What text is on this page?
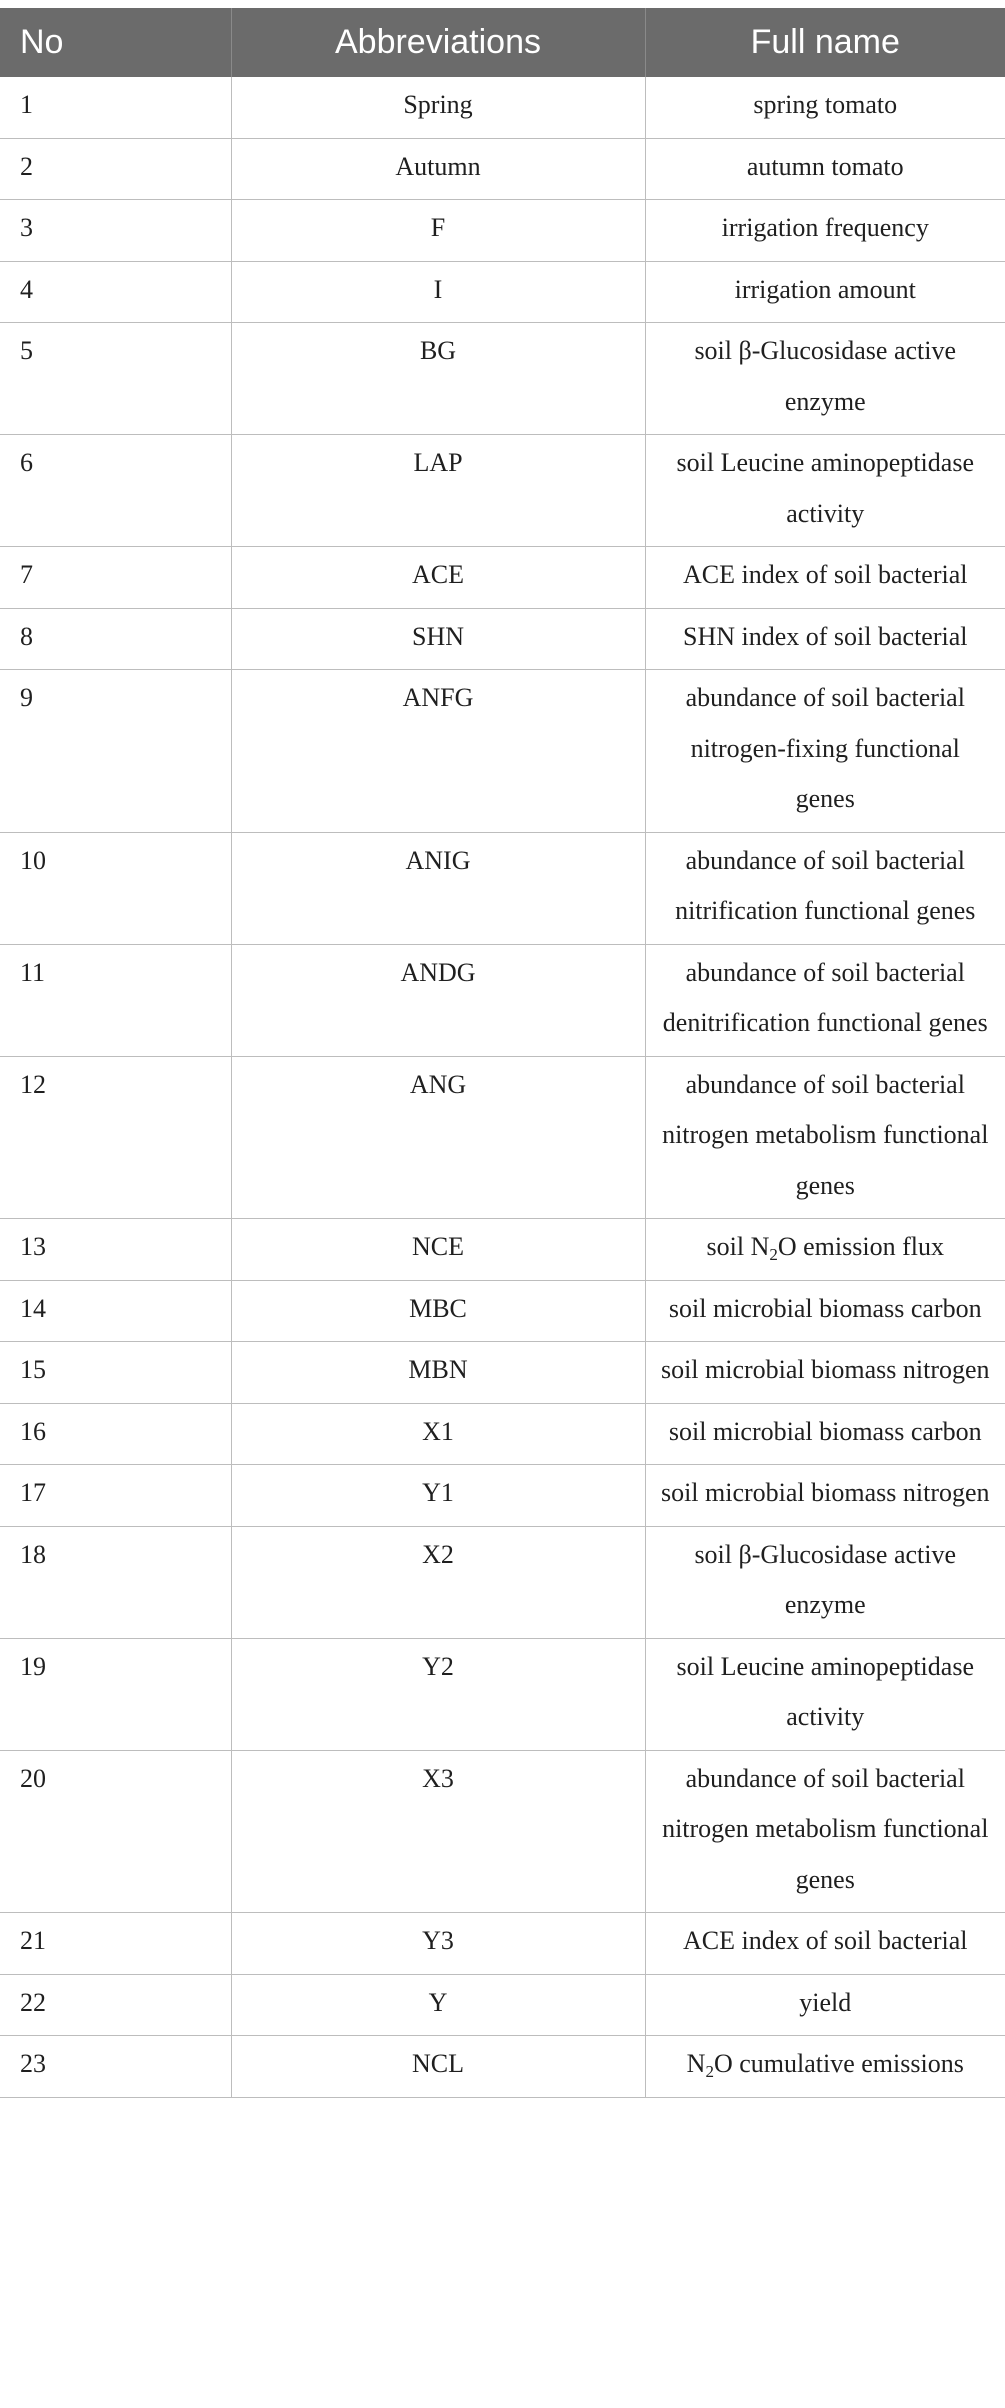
No	Abbreviations	Full name
1	Spring	spring tomato
2	Autumn	autumn tomato
3	F	irrigation frequency
4	I	irrigation amount
5	BG	soil β-Glucosidase active enzyme
6	LAP	soil Leucine aminopeptidase activity
7	ACE	ACE index of soil bacterial
8	SHN	SHN index of soil bacterial
9	ANFG	abundance of soil bacterial nitrogen-fixing functional genes
10	ANIG	abundance of soil bacterial nitrification functional genes
11	ANDG	abundance of soil bacterial denitrification functional genes
12	ANG	abundance of soil bacterial nitrogen metabolism functional genes
13	NCE	soil $N_2O$ emission flux
14	MBC	soil microbial biomass carbon
15	MBN	soil microbial biomass nitrogen
16	X1	soil microbial biomass carbon
17	Y1	soil microbial biomass nitrogen
18	X2	soil β-Glucosidase active enzyme
19	Y2	soil Leucine aminopeptidase activity
20	X3	abundance of soil bacterial nitrogen metabolism functional genes
21	Y3	ACE index of soil bacterial
22	Y	yield
23	NCL	$N_2O$ cumulative emissions
